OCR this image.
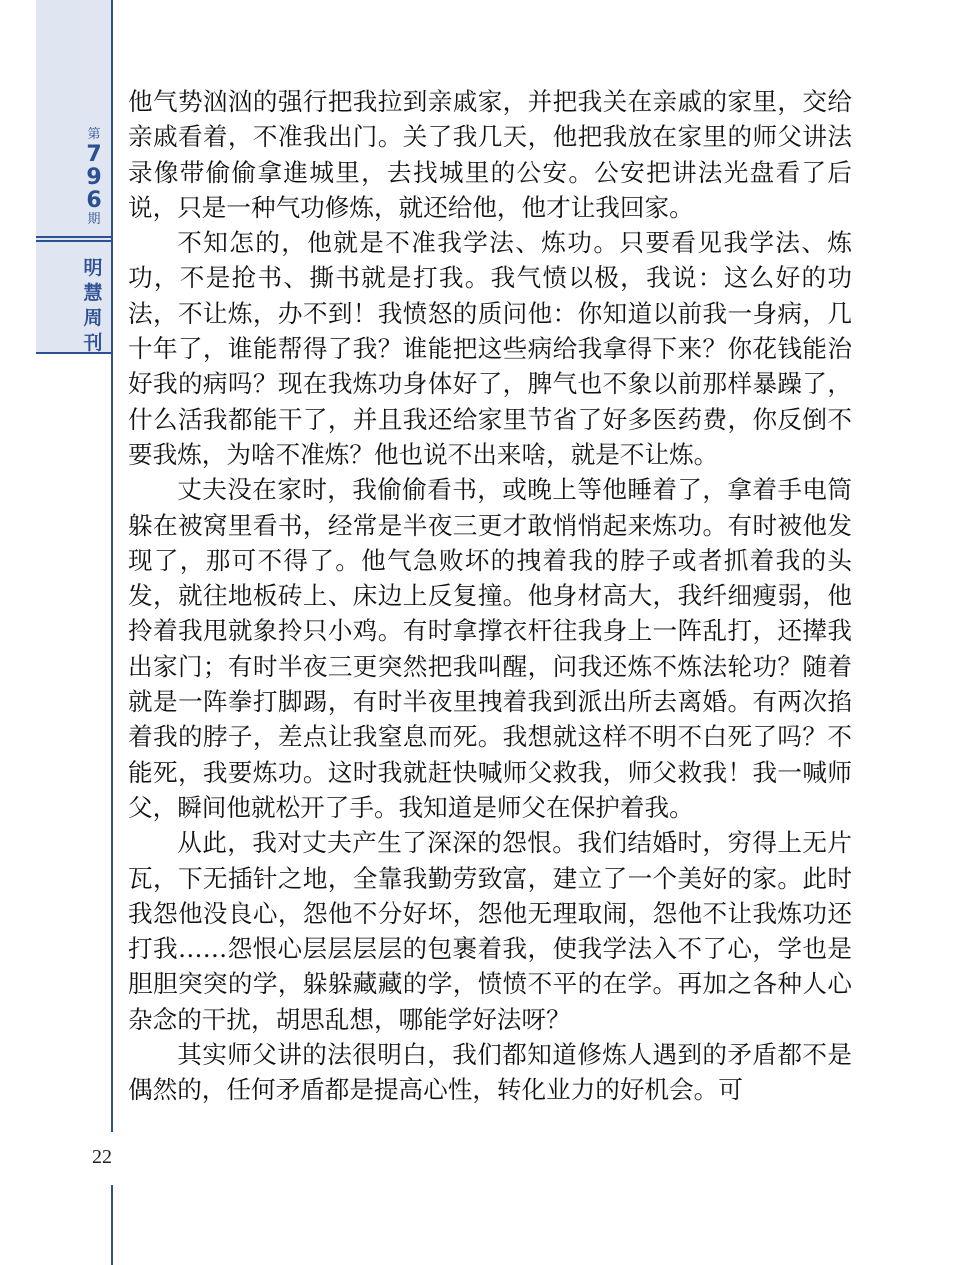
第
7
9
6
期
明
慧
周
刊

他气势汹汹的强行把我拉到亲戚家，并把我关在亲戚的家里，交给亲戚看着，不准我出门。关了我几天，他把我放在家里的师父讲法录像带偷偷拿進城里，去找城里的公安。公安把讲法光盘看了后说，只是一种气功修炼，就还给他，他才让我回家。

不知怎的，他就是不准我学法、炼功。只要看见我学法、炼功，不是抢书、撕书就是打我。我气愤以极，我说：这么好的功法，不让炼，办不到！我愤怒的质问他：你知道以前我一身病，几十年了，谁能帮得了我？谁能把这些病给我拿得下来？你花钱能治好我的病吗？现在我炼功身体好了，脾气也不象以前那样暴躁了，什么活我都能干了，并且我还给家里节省了好多医药费，你反倒不要我炼，为啥不准炼？他也说不出来啥，就是不让炼。

丈夫没在家时，我偷偷看书，或晚上等他睡着了，拿着手电筒躲在被窝里看书，经常是半夜三更才敢悄悄起来炼功。有时被他发现了，那可不得了。他气急败坏的拽着我的脖子或者抓着我的头发，就往地板砖上、床边上反复撞。他身材高大，我纤细瘦弱，他拎着我甩就象拎只小鸡。有时拿撑衣杆往我身上一阵乱打，还撵我出家门；有时半夜三更突然把我叫醒，问我还炼不炼法轮功？随着就是一阵拳打脚踢，有时半夜里拽着我到派出所去离婚。有两次掐着我的脖子，差点让我窒息而死。我想就这样不明不白死了吗？不能死，我要炼功。这时我就赶快喊师父救我，师父救我！我一喊师父，瞬间他就松开了手。我知道是师父在保护着我。

从此，我对丈夫产生了深深的怨恨。我们结婚时，穷得上无片瓦，下无插针之地，全靠我勤劳致富，建立了一个美好的家。此时我怨他没良心，怨他不分好坏，怨他无理取闹，怨他不让我炼功还打我……怨恨心层层层层的包裹着我，使我学法入不了心，学也是胆胆突突的学，躲躲藏藏的学，愤愤不平的在学。再加之各种人心杂念的干扰，胡思乱想，哪能学好法呀？

其实师父讲的法很明白，我们都知道修炼人遇到的矛盾都不是偶然的，任何矛盾都是提高心性，转化业力的好机会。可

22
